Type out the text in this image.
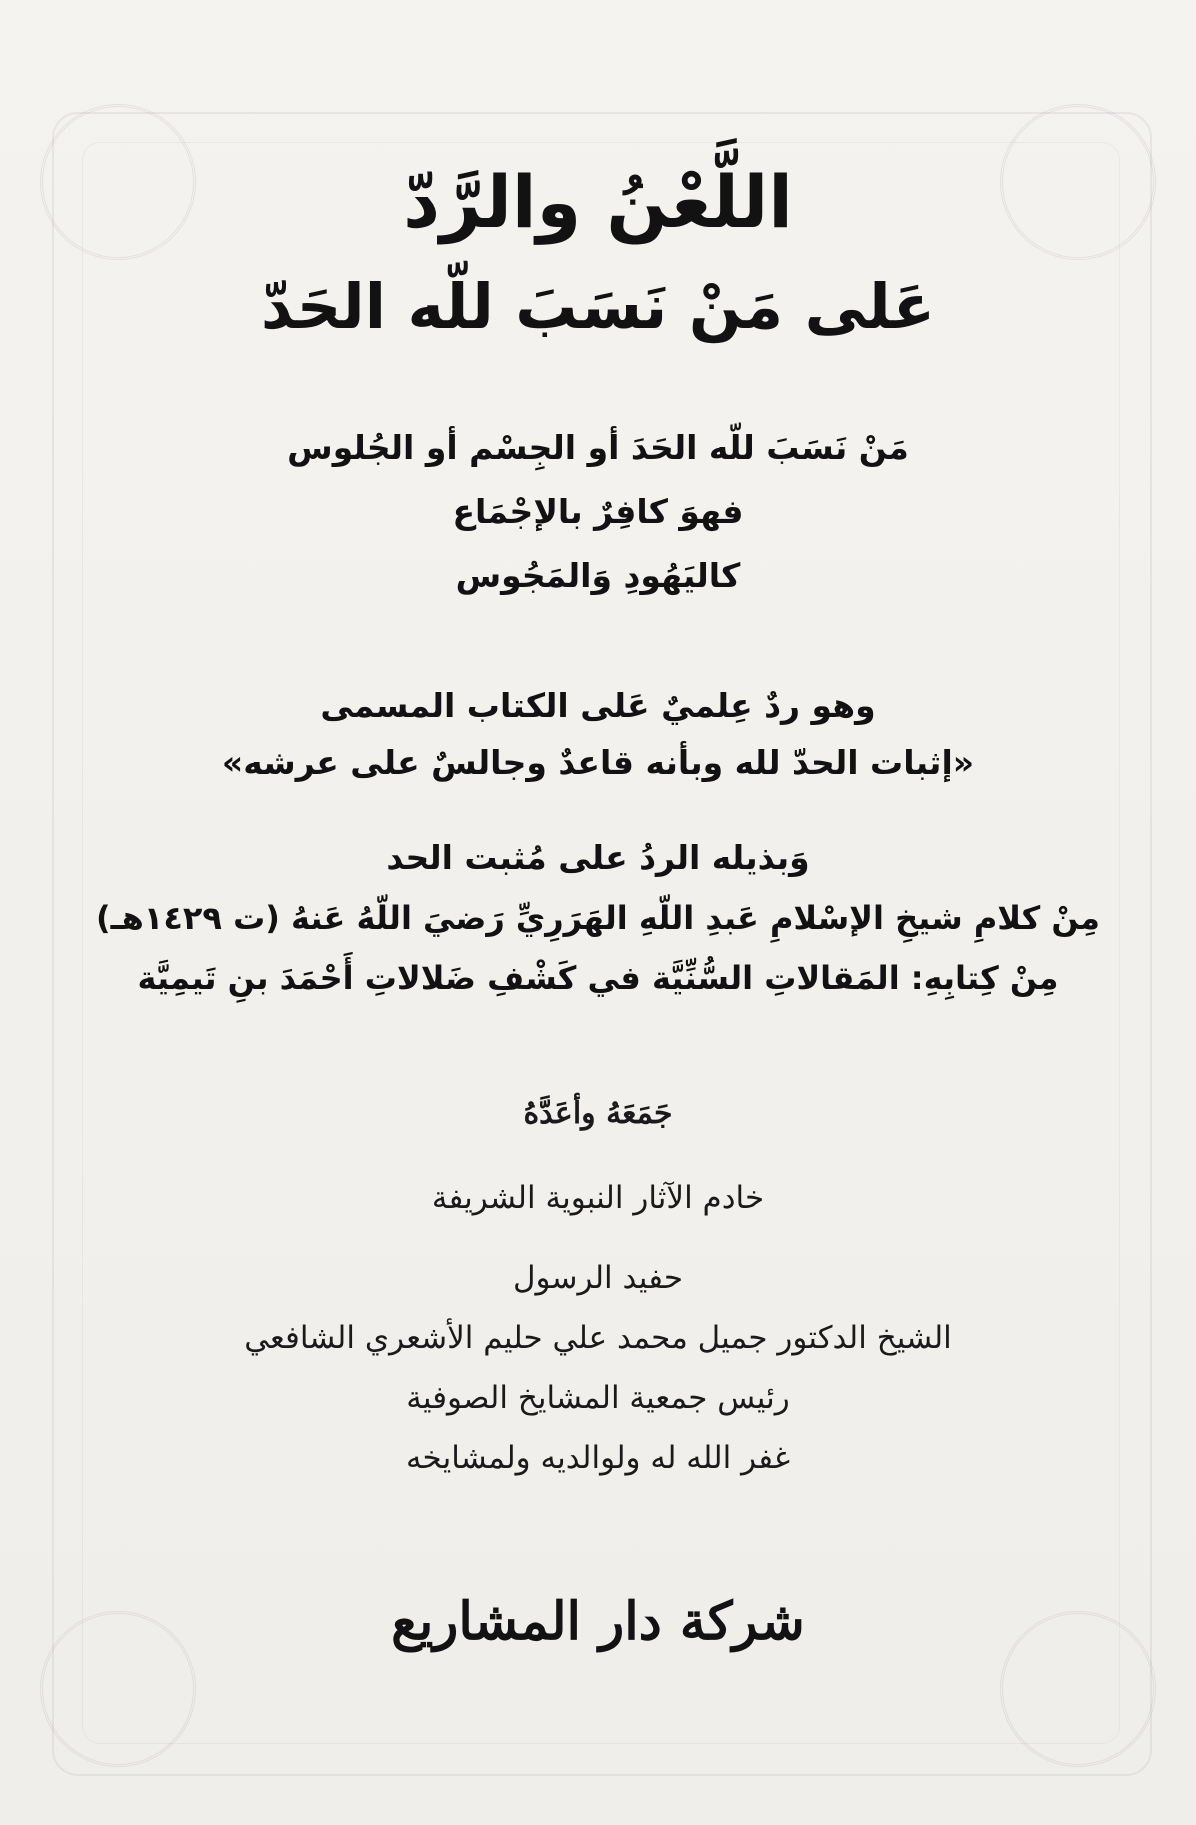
اللَّعْنُ والرَّدّ
عَلى مَنْ نَسَبَ للّه الحَدّ
مَنْ نَسَبَ للّه الحَدَ أو الجِسْم أو الجُلوس
فهوَ كافِرٌ بالإجْمَاع
كاليَهُودِ وَالمَجُوس
وهو ردٌ عِلميٌ عَلى الكتاب المسمى
«إثبات الحدّ لله وبأنه قاعدٌ وجالسٌ على عرشه»
وَبذيله الردُ على مُثبت الحد
مِنْ كلامِ شيخِ الإسْلامِ عَبدِ اللّهِ الهَرَرِيِّ رَضيَ اللّهُ عَنهُ (ت ١٤٢٩هـ)
مِنْ كِتابِهِ: المَقالاتِ السُّنِّيَّة في كَشْفِ ضَلالاتِ أَحْمَدَ بنِ تَيمِيَّة
جَمَعَهُ وأعَدَّهُ
خادم الآثار النبوية الشريفة
حفيد الرسول
الشيخ الدكتور جميل محمد علي حليم الأشعري الشافعي
رئيس جمعية المشايخ الصوفية
غفر الله له ولوالديه ولمشايخه
شركة دار المشاريع
